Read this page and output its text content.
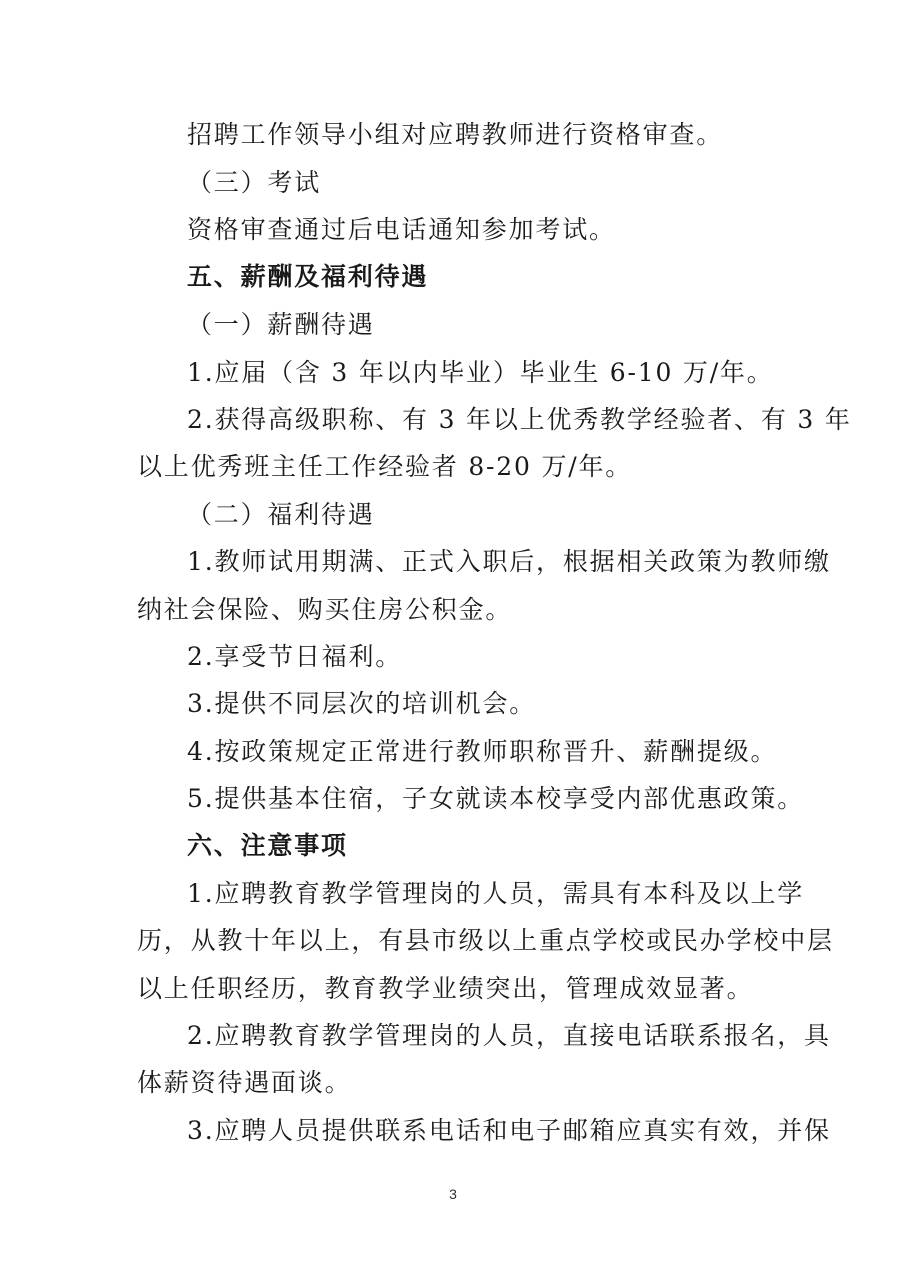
招聘工作领导小组对应聘教师进行资格审查。
（三）考试
资格审查通过后电话通知参加考试。
五、薪酬及福利待遇
（一）薪酬待遇
1.应届（含 3 年以内毕业）毕业生 6-10 万/年。
2.获得高级职称、有 3 年以上优秀教学经验者、有 3 年
以上优秀班主任工作经验者 8-20 万/年。
（二）福利待遇
1.教师试用期满、正式入职后，根据相关政策为教师缴
纳社会保险、购买住房公积金。
2.享受节日福利。
3.提供不同层次的培训机会。
4.按政策规定正常进行教师职称晋升、薪酬提级。
5.提供基本住宿，子女就读本校享受内部优惠政策。
六、注意事项
1.应聘教育教学管理岗的人员，需具有本科及以上学
历，从教十年以上，有县市级以上重点学校或民办学校中层
以上任职经历，教育教学业绩突出，管理成效显著。
2.应聘教育教学管理岗的人员，直接电话联系报名，具
体薪资待遇面谈。
3.应聘人员提供联系电话和电子邮箱应真实有效，并保
3
